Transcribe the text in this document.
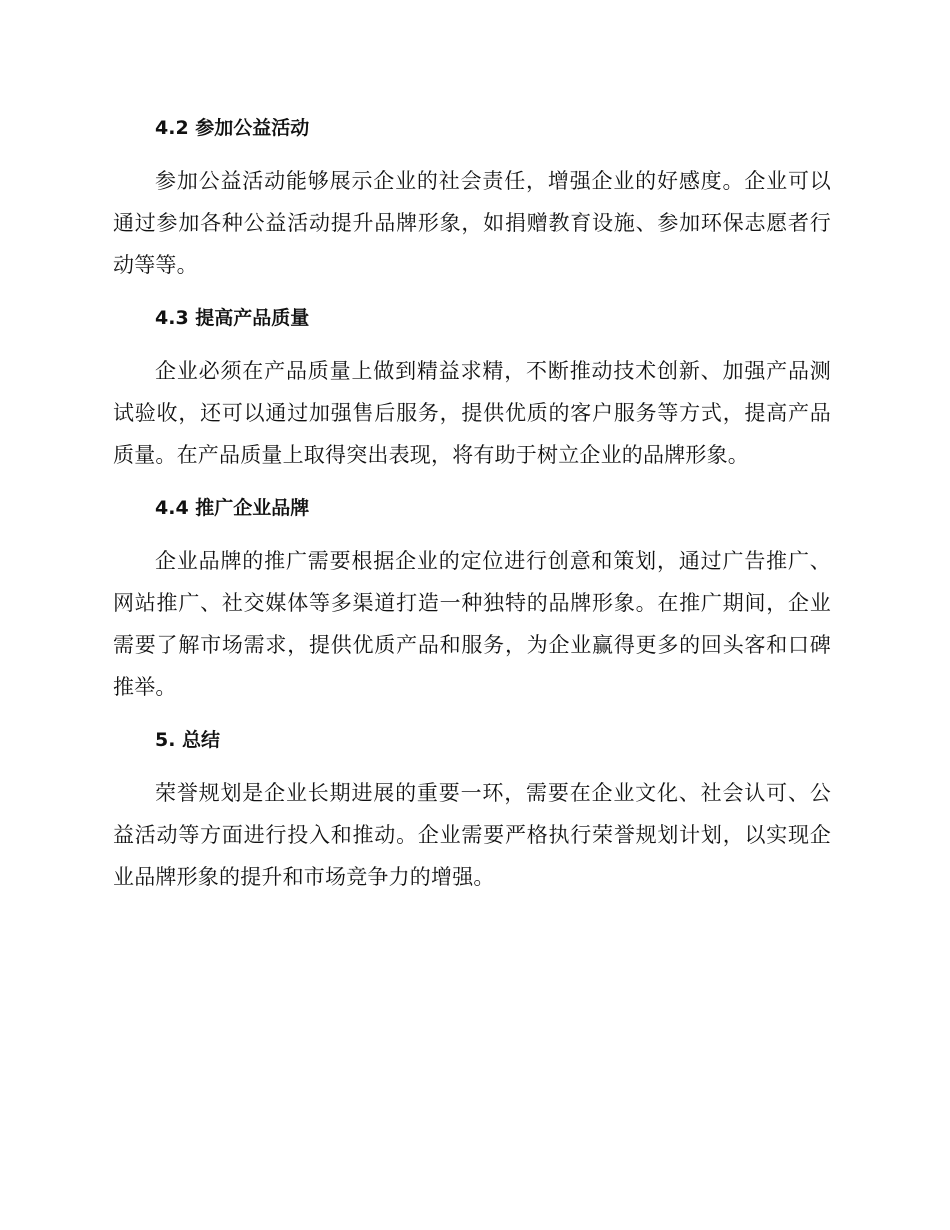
4.2 参加公益活动

参加公益活动能够展示企业的社会责任，增强企业的好感度。企业可以通过参加各种公益活动提升品牌形象，如捐赠教育设施、参加环保志愿者行动等等。

4.3 提高产品质量

企业必须在产品质量上做到精益求精，不断推动技术创新、加强产品测试验收，还可以通过加强售后服务，提供优质的客户服务等方式，提高产品质量。在产品质量上取得突出表现，将有助于树立企业的品牌形象。

4.4 推广企业品牌

企业品牌的推广需要根据企业的定位进行创意和策划，通过广告推广、网站推广、社交媒体等多渠道打造一种独特的品牌形象。在推广期间，企业需要了解市场需求，提供优质产品和服务，为企业赢得更多的回头客和口碑推举。

5. 总结

荣誉规划是企业长期进展的重要一环，需要在企业文化、社会认可、公益活动等方面进行投入和推动。企业需要严格执行荣誉规划计划，以实现企业品牌形象的提升和市场竞争力的增强。
